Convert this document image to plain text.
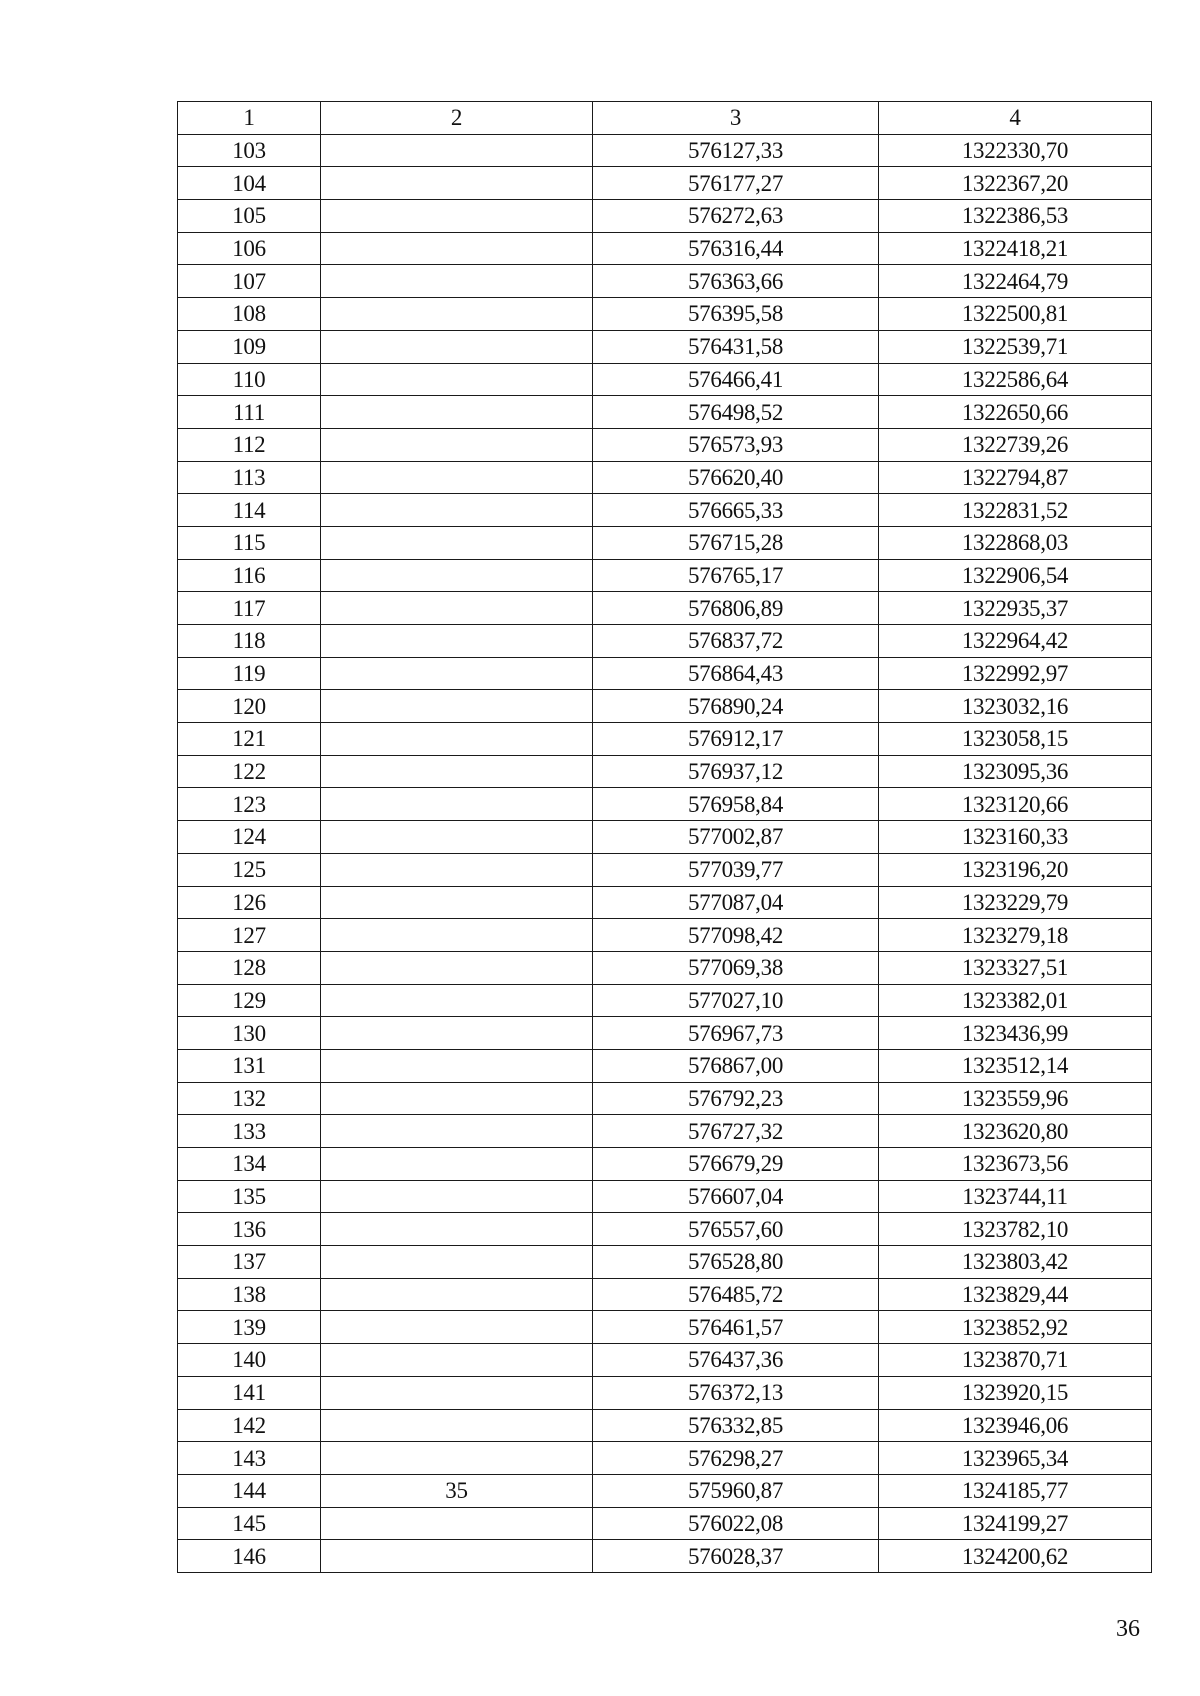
1	2	3	4
103		576127,33	1322330,70
104		576177,27	1322367,20
105		576272,63	1322386,53
106		576316,44	1322418,21
107		576363,66	1322464,79
108		576395,58	1322500,81
109		576431,58	1322539,71
110		576466,41	1322586,64
111		576498,52	1322650,66
112		576573,93	1322739,26
113		576620,40	1322794,87
114		576665,33	1322831,52
115		576715,28	1322868,03
116		576765,17	1322906,54
117		576806,89	1322935,37
118		576837,72	1322964,42
119		576864,43	1322992,97
120		576890,24	1323032,16
121		576912,17	1323058,15
122		576937,12	1323095,36
123		576958,84	1323120,66
124		577002,87	1323160,33
125		577039,77	1323196,20
126		577087,04	1323229,79
127		577098,42	1323279,18
128		577069,38	1323327,51
129		577027,10	1323382,01
130		576967,73	1323436,99
131		576867,00	1323512,14
132		576792,23	1323559,96
133		576727,32	1323620,80
134		576679,29	1323673,56
135		576607,04	1323744,11
136		576557,60	1323782,10
137		576528,80	1323803,42
138		576485,72	1323829,44
139		576461,57	1323852,92
140		576437,36	1323870,71
141		576372,13	1323920,15
142		576332,85	1323946,06
143		576298,27	1323965,34
144	35	575960,87	1324185,77
145		576022,08	1324199,27
146		576028,37	1324200,62
36
